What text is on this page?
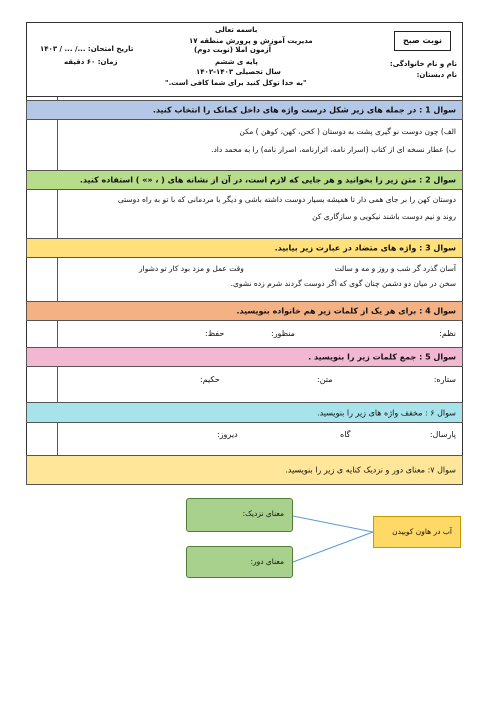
باسمه تعالی
مدیریت آموزش و پرورش منطقه ۱۷
آزمون املا (نوبت دوم)
پایه ی ششم
سال تحصیلی ۱۴۰۳-۱۴۰۲
"به خدا توکل کنید برای شما کافی است."
تاریخ امتحان: .../ ... / ۱۴۰۳
زمان: ۶۰ دقیقه
نوبت صبح
نام و نام خانوادگی:
نام دبستان:
سوال 1 : در جمله های زیر شکل درست واژه های داخل کمانک را انتخاب کنید.
الف) چون دوست نو گیری پشت به دوستان ( کحن، کهن، کوهن ) مکن
ب) عطار نسخه ای از کتاب (اسرار نامه، اثرارنامه، اصرار نامه) را به محمد داد.
سوال 2 : متن زیر را بخوانید و هر جایی که لازم است، در آن از نشانه های ( ، «» ) استفاده کنید.
دوستان کهن را بر جای همی دار تا همیشه بسیار دوست داشته باشی و دیگر با مردمانی که با تو به راه دوستی
روند و نیم دوست باشند نیکویی و سازگاری کن
سوال 3 : واژه های متضاد در عبارت زیر بیابید.
آسان گذرد گر شب و روز و مه و سالت
وقت عمل و مزد بود کار تو دشوار
سخن در میان دو دشمن چنان گوی که اگر دوست گردند شرم زده نشوی.
سوال 4 : برای هر یک از کلمات زیر هم خانواده بنویسید.
نظم:
منظور:
حفظ:
سوال 5 : جمع کلمات زیر را بنویسید .
ستاره:
متن:
حکیم:
سوال ۶ : مخفف واژه های زیر را بنویسید.
پارسال:
گاه
دیروز:
سوال ۷: معنای دور و نزدیک کنایه ی زیر را بنویسید.
معنای نزدیک:
معنای دور:
آب در هاون کوبیدن
